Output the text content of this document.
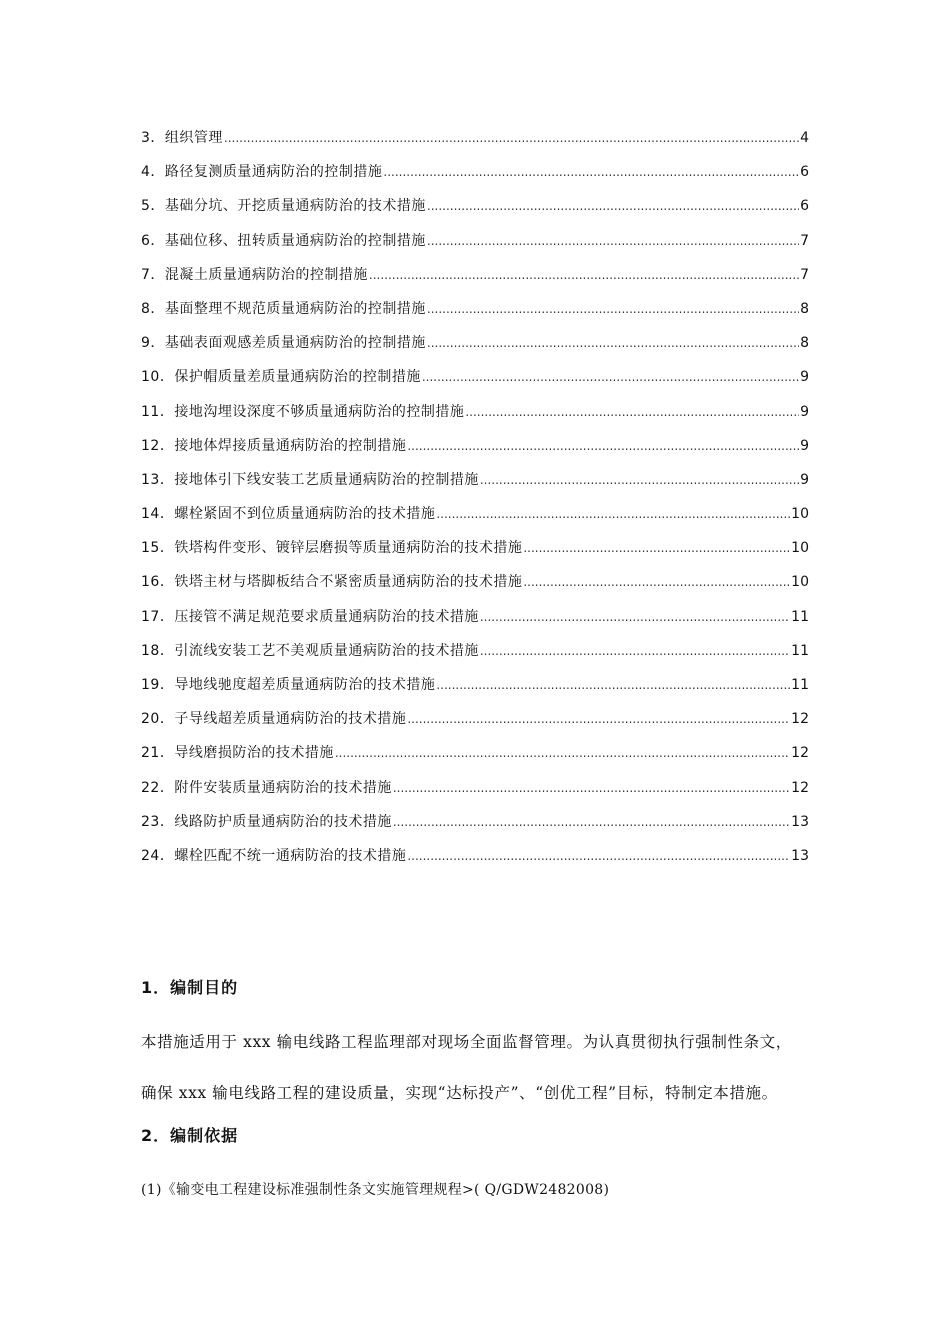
3． 组织管理 .....	4
4． 路径复测质量通病防治的控制措施 .....	6
5． 基础分坑、开挖质量通病防治的技术措施 .....	6
6． 基础位移、扭转质量通病防治的控制措施 .....	7
7． 混凝土质量通病防治的控制措施 .....	7
8． 基面整理不规范质量通病防治的控制措施 .....	8
9． 基础表面观感差质量通病防治的控制措施 .....	8
10． 保护帽质量差质量通病防治的控制措施 .....	9
11． 接地沟埋设深度不够质量通病防治的控制措施 .....	9
12． 接地体焊接质量通病防治的控制措施 .....	9
13． 接地体引下线安装工艺质量通病防治的控制措施 .....	9
14． 螺栓紧固不到位质量通病防治的技术措施 .....	10
15． 铁塔构件变形、镀锌层磨损等质量通病防治的技术措施 .....	10
16． 铁塔主材与塔脚板结合不紧密质量通病防治的技术措施 .....	10
17． 压接管不满足规范要求质量通病防治的技术措施 .....	11
18． 引流线安装工艺不美观质量通病防治的技术措施 .....	11
19． 导地线驰度超差质量通病防治的技术措施 .....	11
20． 子导线超差质量通病防治的技术措施 .....	12
21． 导线磨损防治的技术措施 .....	12
22． 附件安装质量通病防治的技术措施 .....	12
23． 线路防护质量通病防治的技术措施 .....	13
24． 螺栓匹配不统一通病防治的技术措施 .....	13
1．编制目的
本措施适用于 xxx 输电线路工程监理部对现场全面监督管理。为认真贯彻执行强制性条文，
确保 xxx 输电线路工程的建设质量，实现“达标投产”、“创优工程”目标，特制定本措施。
2．编制依据
(1)《输变电工程建设标准强制性条文实施管理规程>( Q/GDW2482008)
